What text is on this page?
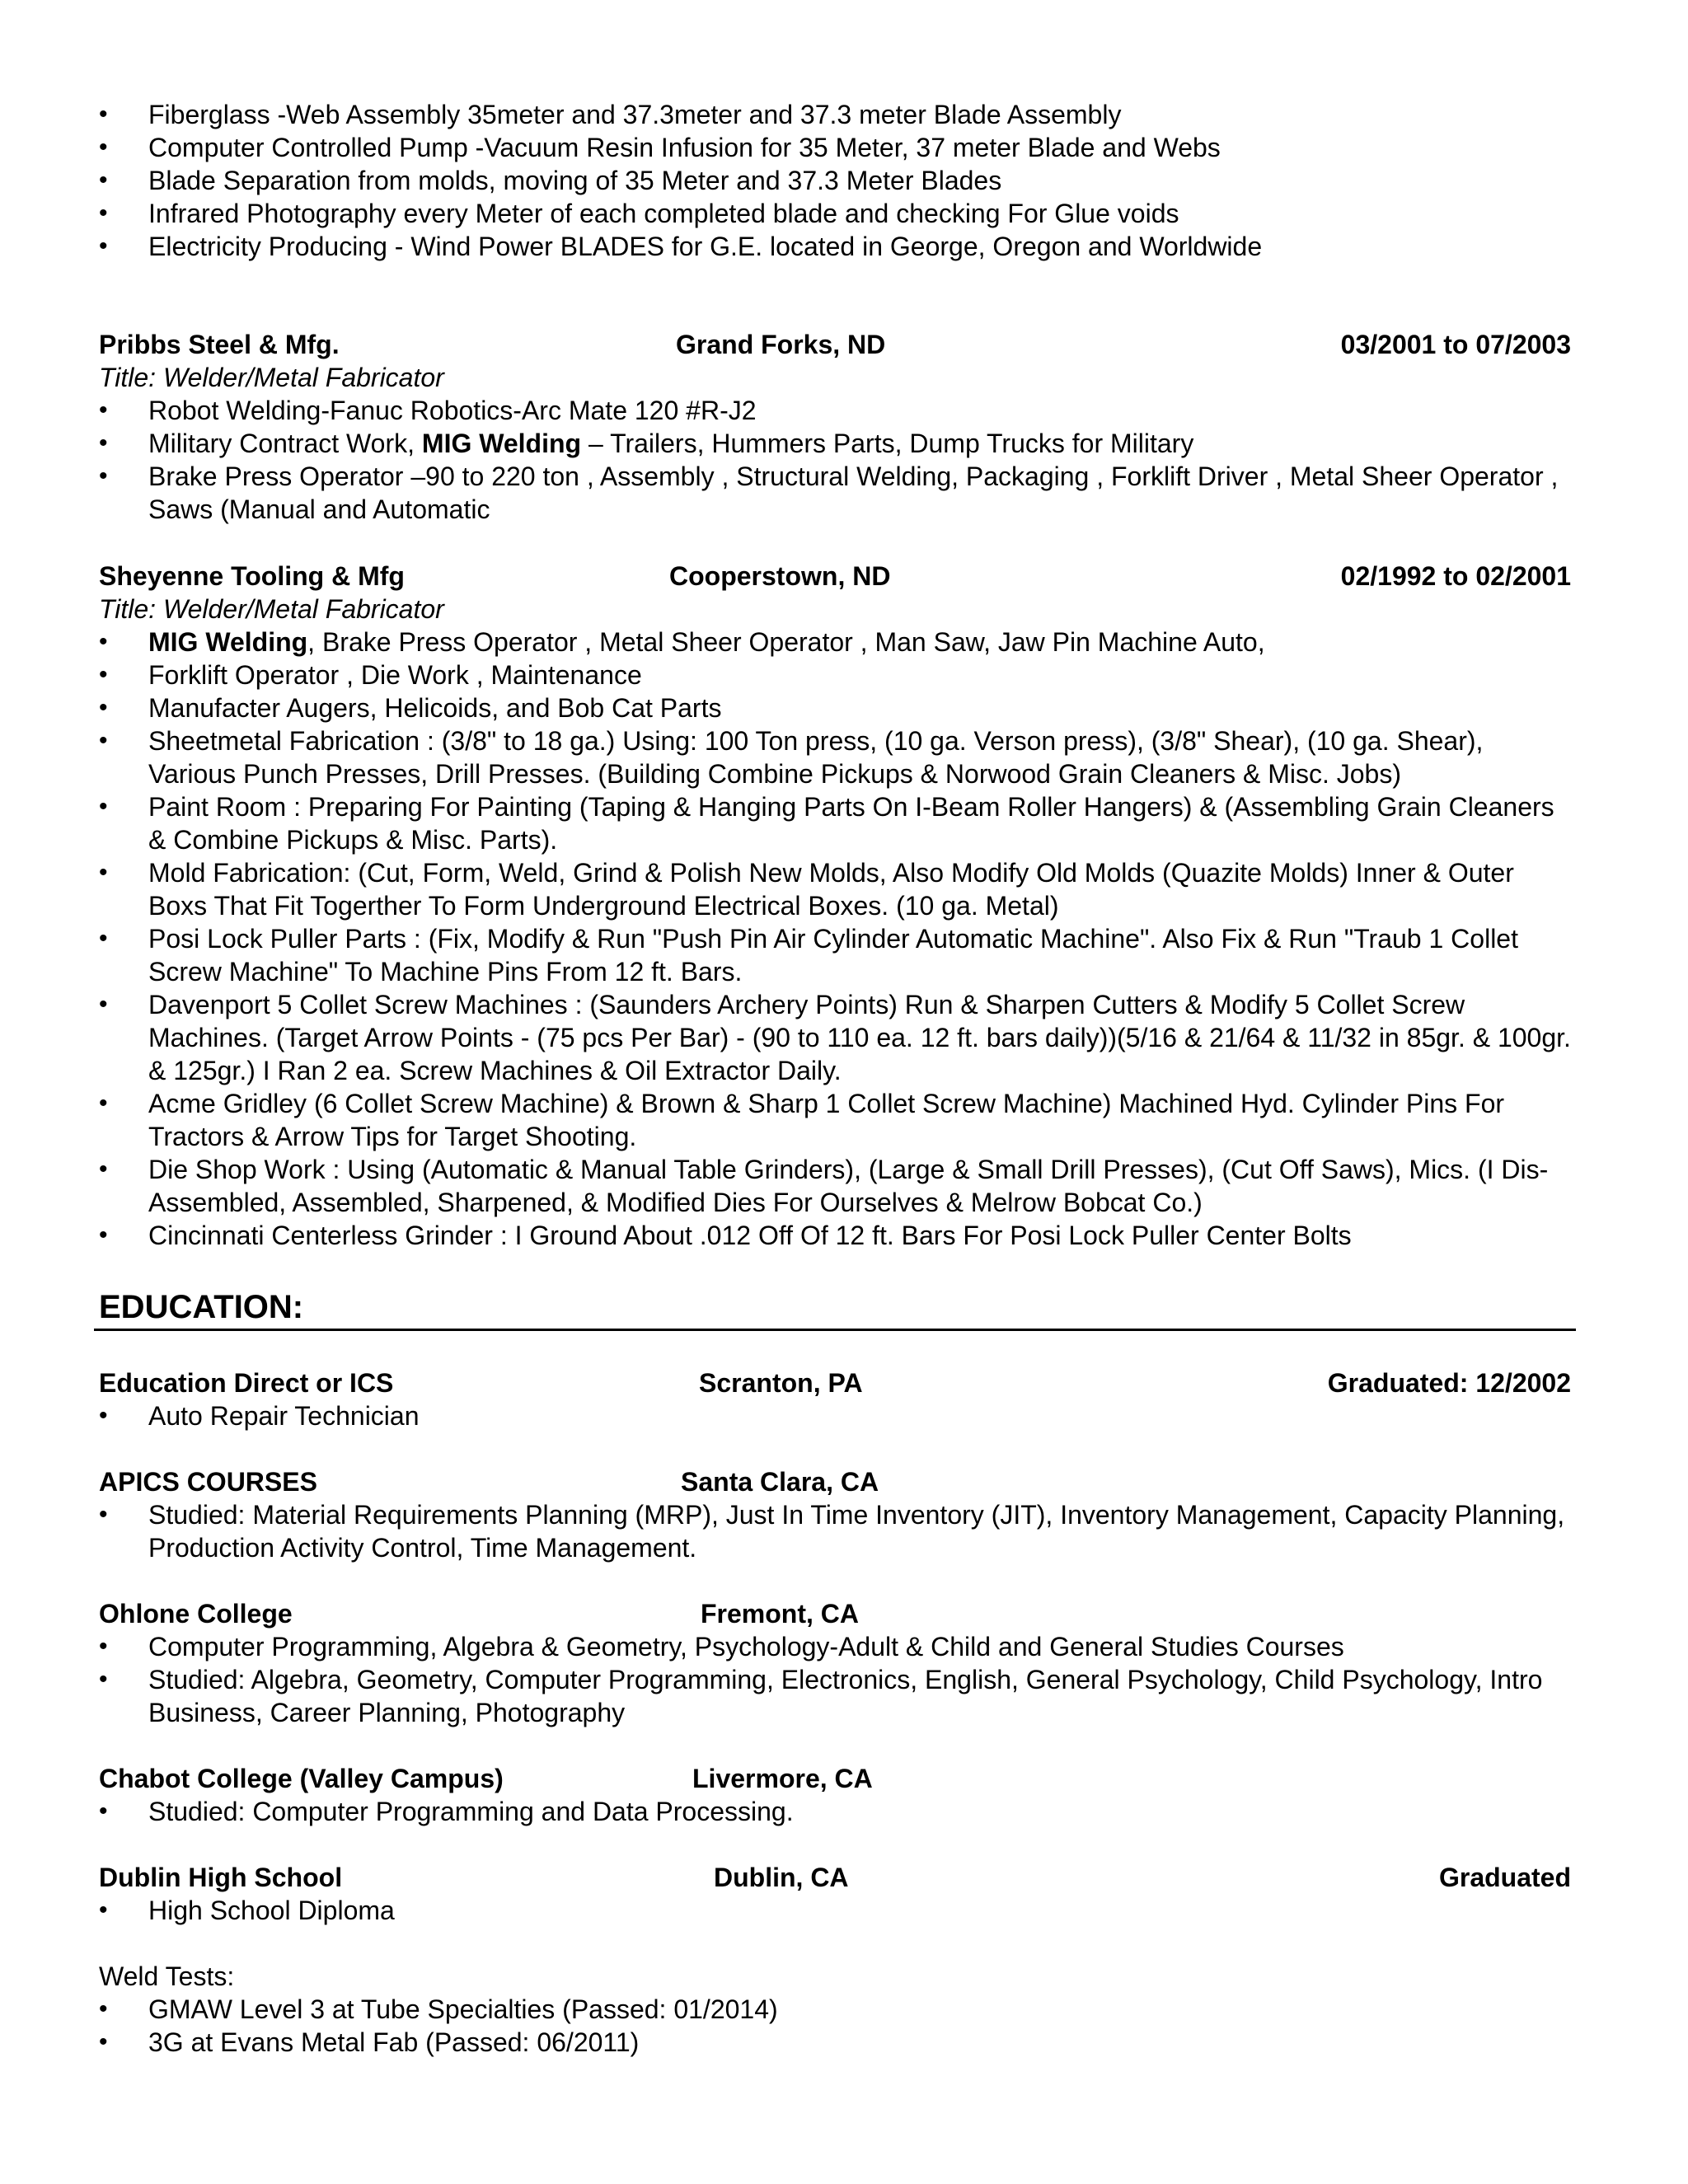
• Fiberglass -Web Assembly 35meter and 37.3meter and 37.3 meter Blade Assembly
• Computer Controlled Pump -Vacuum Resin Infusion for 35 Meter, 37 meter Blade and Webs
• Blade Separation from molds, moving of 35 Meter and 37.3 Meter Blades
• Infrared Photography every Meter of each completed blade and checking For Glue voids
• Electricity Producing - Wind Power BLADES for G.E. located in George, Oregon and Worldwide
Pribbs Steel & Mfg.	Grand Forks, ND	03/2001 to 07/2003
Title: Welder/Metal Fabricator
• Robot Welding-Fanuc Robotics-Arc Mate 120 #R-J2
• Military Contract Work, MIG Welding – Trailers, Hummers Parts, Dump Trucks for Military
• Brake Press Operator –90 to 220 ton , Assembly , Structural Welding, Packaging , Forklift Driver , Metal Sheer Operator , Saws (Manual and Automatic
Sheyenne Tooling & Mfg	Cooperstown, ND	02/1992 to 02/2001
Title: Welder/Metal Fabricator
• MIG Welding, Brake Press Operator , Metal Sheer Operator , Man Saw, Jaw Pin Machine Auto,
• Forklift Operator , Die Work , Maintenance
• Manufacter Augers, Helicoids, and Bob Cat Parts
• Sheetmetal Fabrication : (3/8" to 18 ga.) Using: 100 Ton press, (10 ga. Verson press), (3/8" Shear), (10 ga. Shear), Various Punch Presses, Drill Presses. (Building Combine Pickups & Norwood Grain Cleaners & Misc. Jobs)
• Paint Room : Preparing For Painting (Taping & Hanging Parts On I-Beam Roller Hangers) & (Assembling Grain Cleaners & Combine Pickups & Misc. Parts).
• Mold Fabrication: (Cut, Form, Weld, Grind & Polish New Molds, Also Modify Old Molds (Quazite Molds) Inner & Outer Boxs That Fit Togerther To Form Underground Electrical Boxes. (10 ga. Metal)
• Posi Lock Puller Parts : (Fix, Modify & Run "Push Pin Air Cylinder Automatic Machine". Also Fix & Run "Traub 1 Collet Screw Machine" To Machine Pins From 12 ft. Bars.
• Davenport 5 Collet Screw Machines : (Saunders Archery Points) Run & Sharpen Cutters & Modify 5 Collet Screw Machines. (Target Arrow Points - (75 pcs Per Bar) - (90 to 110 ea. 12 ft. bars daily))(5/16 & 21/64 & 11/32 in 85gr. & 100gr. & 125gr.) I Ran 2 ea. Screw Machines & Oil Extractor Daily.
• Acme Gridley (6 Collet Screw Machine) & Brown & Sharp 1 Collet Screw Machine) Machined Hyd. Cylinder Pins For Tractors & Arrow Tips for Target Shooting.
• Die Shop Work : Using (Automatic & Manual Table Grinders), (Large & Small Drill Presses), (Cut Off Saws), Mics. (I Dis-Assembled, Assembled, Sharpened, & Modified Dies For Ourselves & Melrow Bobcat Co.)
• Cincinnati Centerless Grinder : I Ground About .012 Off Of 12 ft. Bars For Posi Lock Puller Center Bolts
EDUCATION:
Education Direct or ICS	Scranton, PA	Graduated: 12/2002
• Auto Repair Technician
APICS COURSES	Santa Clara, CA
• Studied: Material Requirements Planning (MRP), Just In Time Inventory (JIT), Inventory Management, Capacity Planning, Production Activity Control, Time Management.
Ohlone College	Fremont, CA
• Computer Programming, Algebra & Geometry, Psychology-Adult & Child and General Studies Courses
• Studied: Algebra, Geometry, Computer Programming, Electronics, English, General Psychology, Child Psychology, Intro Business, Career Planning, Photography
Chabot College (Valley Campus)	Livermore, CA
• Studied: Computer Programming and Data Processing.
Dublin High School	Dublin, CA	Graduated
• High School Diploma
Weld Tests:
• GMAW Level 3 at Tube Specialties (Passed: 01/2014)
• 3G at Evans Metal Fab (Passed: 06/2011)
